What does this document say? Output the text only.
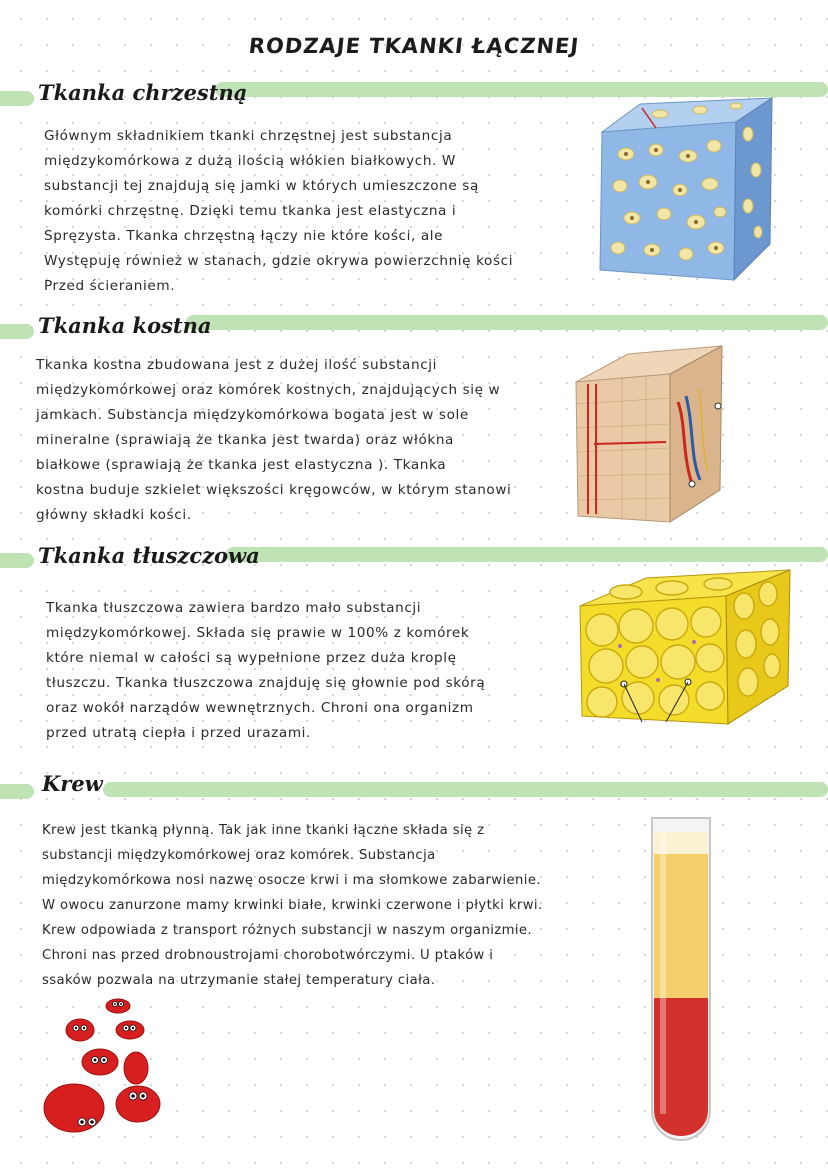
RODZAJE TKANKI ŁĄCZNEJ
Tkanka chrzestną
Głównym składnikiem tkanki chrzęstnej jest substancja
międzykomórkowa z dużą ilością włókien białkowych. W
substancji tej znajdują się jamki w których umieszczone są
komórki chrzęstnę. Dzięki temu tkanka jest elastyczna i
Spręzysta. Tkanka chrzęstną łączy nie które kości, ale
Występuję również w stanach, gdzie okrywa powierzchnię kości
Przed ścieraniem.
Tkanka kostna
Tkanka kostna zbudowana jest z dużej ilość substancji
międzykomórkowej oraz komórek kostnych, znajdujących się w
jamkach. Substancja międzykomórkowa bogata jest w sole
mineralne (sprawiają że tkanka jest twarda) oraz włókna
białkowe (sprawiają że tkanka jest elastyczna ). Tkanka
kostna buduje szkielet większości kręgowców, w którym stanowi
główny składki kości.
Tkanka tłuszczowa
Tkanka tłuszczowa zawiera bardzo mało substancji
międzykomórkowej. Składa się prawie w 100% z komórek
które niemal w całości są wypełnione przez duża kroplę
tłuszczu. Tkanka tłuszczowa znajduję się głownie pod skórą
oraz wokół narządów wewnętrznych. Chroni ona organizm
przed utratą ciepła i przed urazami.
Krew
Krew jest tkanką płynną. Tak jak inne tkanki łączne składa się z
substancji międzykomórkowej oraz komórek. Substancja
międzykomórkowa nosi nazwę osocze krwi i ma słomkowe zabarwienie.
W owocu zanurzone mamy krwinki białe, krwinki czerwone i płytki krwi.
Krew odpowiada z transport różnych substancji w naszym organizmie.
Chroni nas przed drobnoustrojami chorobotwórczymi. U ptaków i
ssaków pozwala na utrzymanie stałej temperatury ciała.
